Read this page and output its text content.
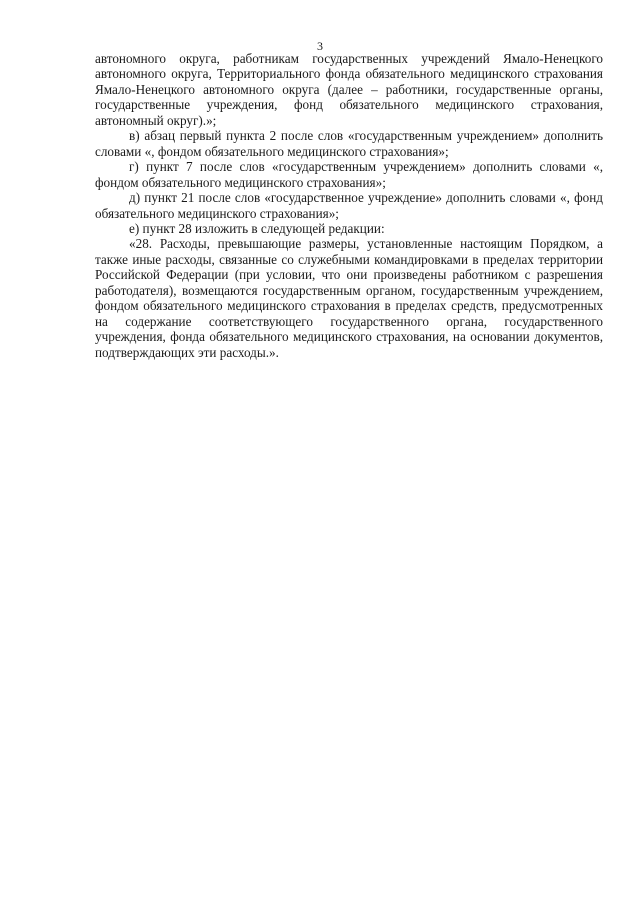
3

автономного округа, работникам государственных учреждений Ямало-Ненецкого автономного округа, Территориального фонда обязательного медицинского страхования Ямало-Ненецкого автономного округа (далее – работники, государственные органы, государственные учреждения, фонд обязательного медицинского страхования, автономный округ).»;

в) абзац первый пункта 2 после слов «государственным учреждением» дополнить словами «, фондом обязательного медицинского страхования»;

г) пункт 7 после слов «государственным учреждением» дополнить словами «, фондом обязательного медицинского страхования»;

д) пункт 21 после слов «государственное учреждение» дополнить словами «, фонд обязательного медицинского страхования»;

е) пункт 28 изложить в следующей редакции:

«28. Расходы, превышающие размеры, установленные настоящим Порядком, а также иные расходы, связанные со служебными командировками в пределах территории Российской Федерации (при условии, что они произведены работником с разрешения работодателя), возмещаются государственным органом, государственным учреждением, фондом обязательного медицинского страхования в пределах средств, предусмотренных на содержание соответствующего государственного органа, государственного учреждения, фонда обязательного медицинского страхования, на основании документов, подтверждающих эти расходы.».
